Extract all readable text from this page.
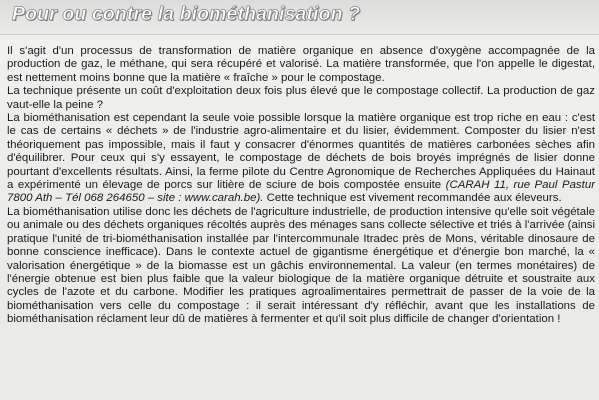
Pour ou contre la biométhanisation ?

Il s'agit d'un processus de transformation de matière organique en absence d'oxygène accompagnée de la production de gaz, le méthane, qui sera récupéré et valorisé. La matière transformée, que l'on appelle le digestat, est nettement moins bonne que la matière « fraîche » pour le compostage.

La technique présente un coût d'exploitation deux fois plus élevé que le compostage collectif. La production de gaz vaut-elle la peine ?

La biométhanisation est cependant la seule voie possible lorsque la matière organique est trop riche en eau : c'est le cas de certains « déchets » de l'industrie agro-alimentaire et du lisier, évidemment. Composter du lisier n'est théoriquement pas impossible, mais il faut y consacrer d'énormes quantités de matières carbonées sèches afin d'équilibrer. Pour ceux qui s'y essayent, le compostage de déchets de bois broyés imprégnés de lisier donne pourtant d'excellents résultats. Ainsi, la ferme pilote du Centre Agronomique de Recherches Appliquées du Hainaut a expérimenté un élevage de porcs sur litière de sciure de bois compostée ensuite (CARAH 11, rue Paul Pastur 7800 Ath – Tél 068 264650 – site : www.carah.be). Cette technique est vivement recommandée aux éleveurs.

La biométhanisation utilise donc les déchets de l'agriculture industrielle, de production intensive qu'elle soit végétale ou animale ou des déchets organiques récoltés auprès des ménages sans collecte sélective et triés à l'arrivée (ainsi pratique l'unité de tri-biométhanisation installée par l'intercommunale Itradec près de Mons, véritable dinosaure de bonne conscience inefficace). Dans le contexte actuel de gigantisme énergétique et d'énergie bon marché, la « valorisation énergétique » de la biomasse est un gâchis environnemental. La valeur (en termes monétaires) de l'énergie obtenue est bien plus faible que la valeur biologique de la matière organique détruite et soustraite aux cycles de l'azote et du carbone. Modifier les pratiques agroalimentaires permettrait de passer de la voie de la biométhanisation vers celle du compostage : il serait intéressant d'y réfléchir, avant que les installations de biométhanisation réclament leur dû de matières à fermenter et qu'il soit plus difficile de changer d'orientation !
